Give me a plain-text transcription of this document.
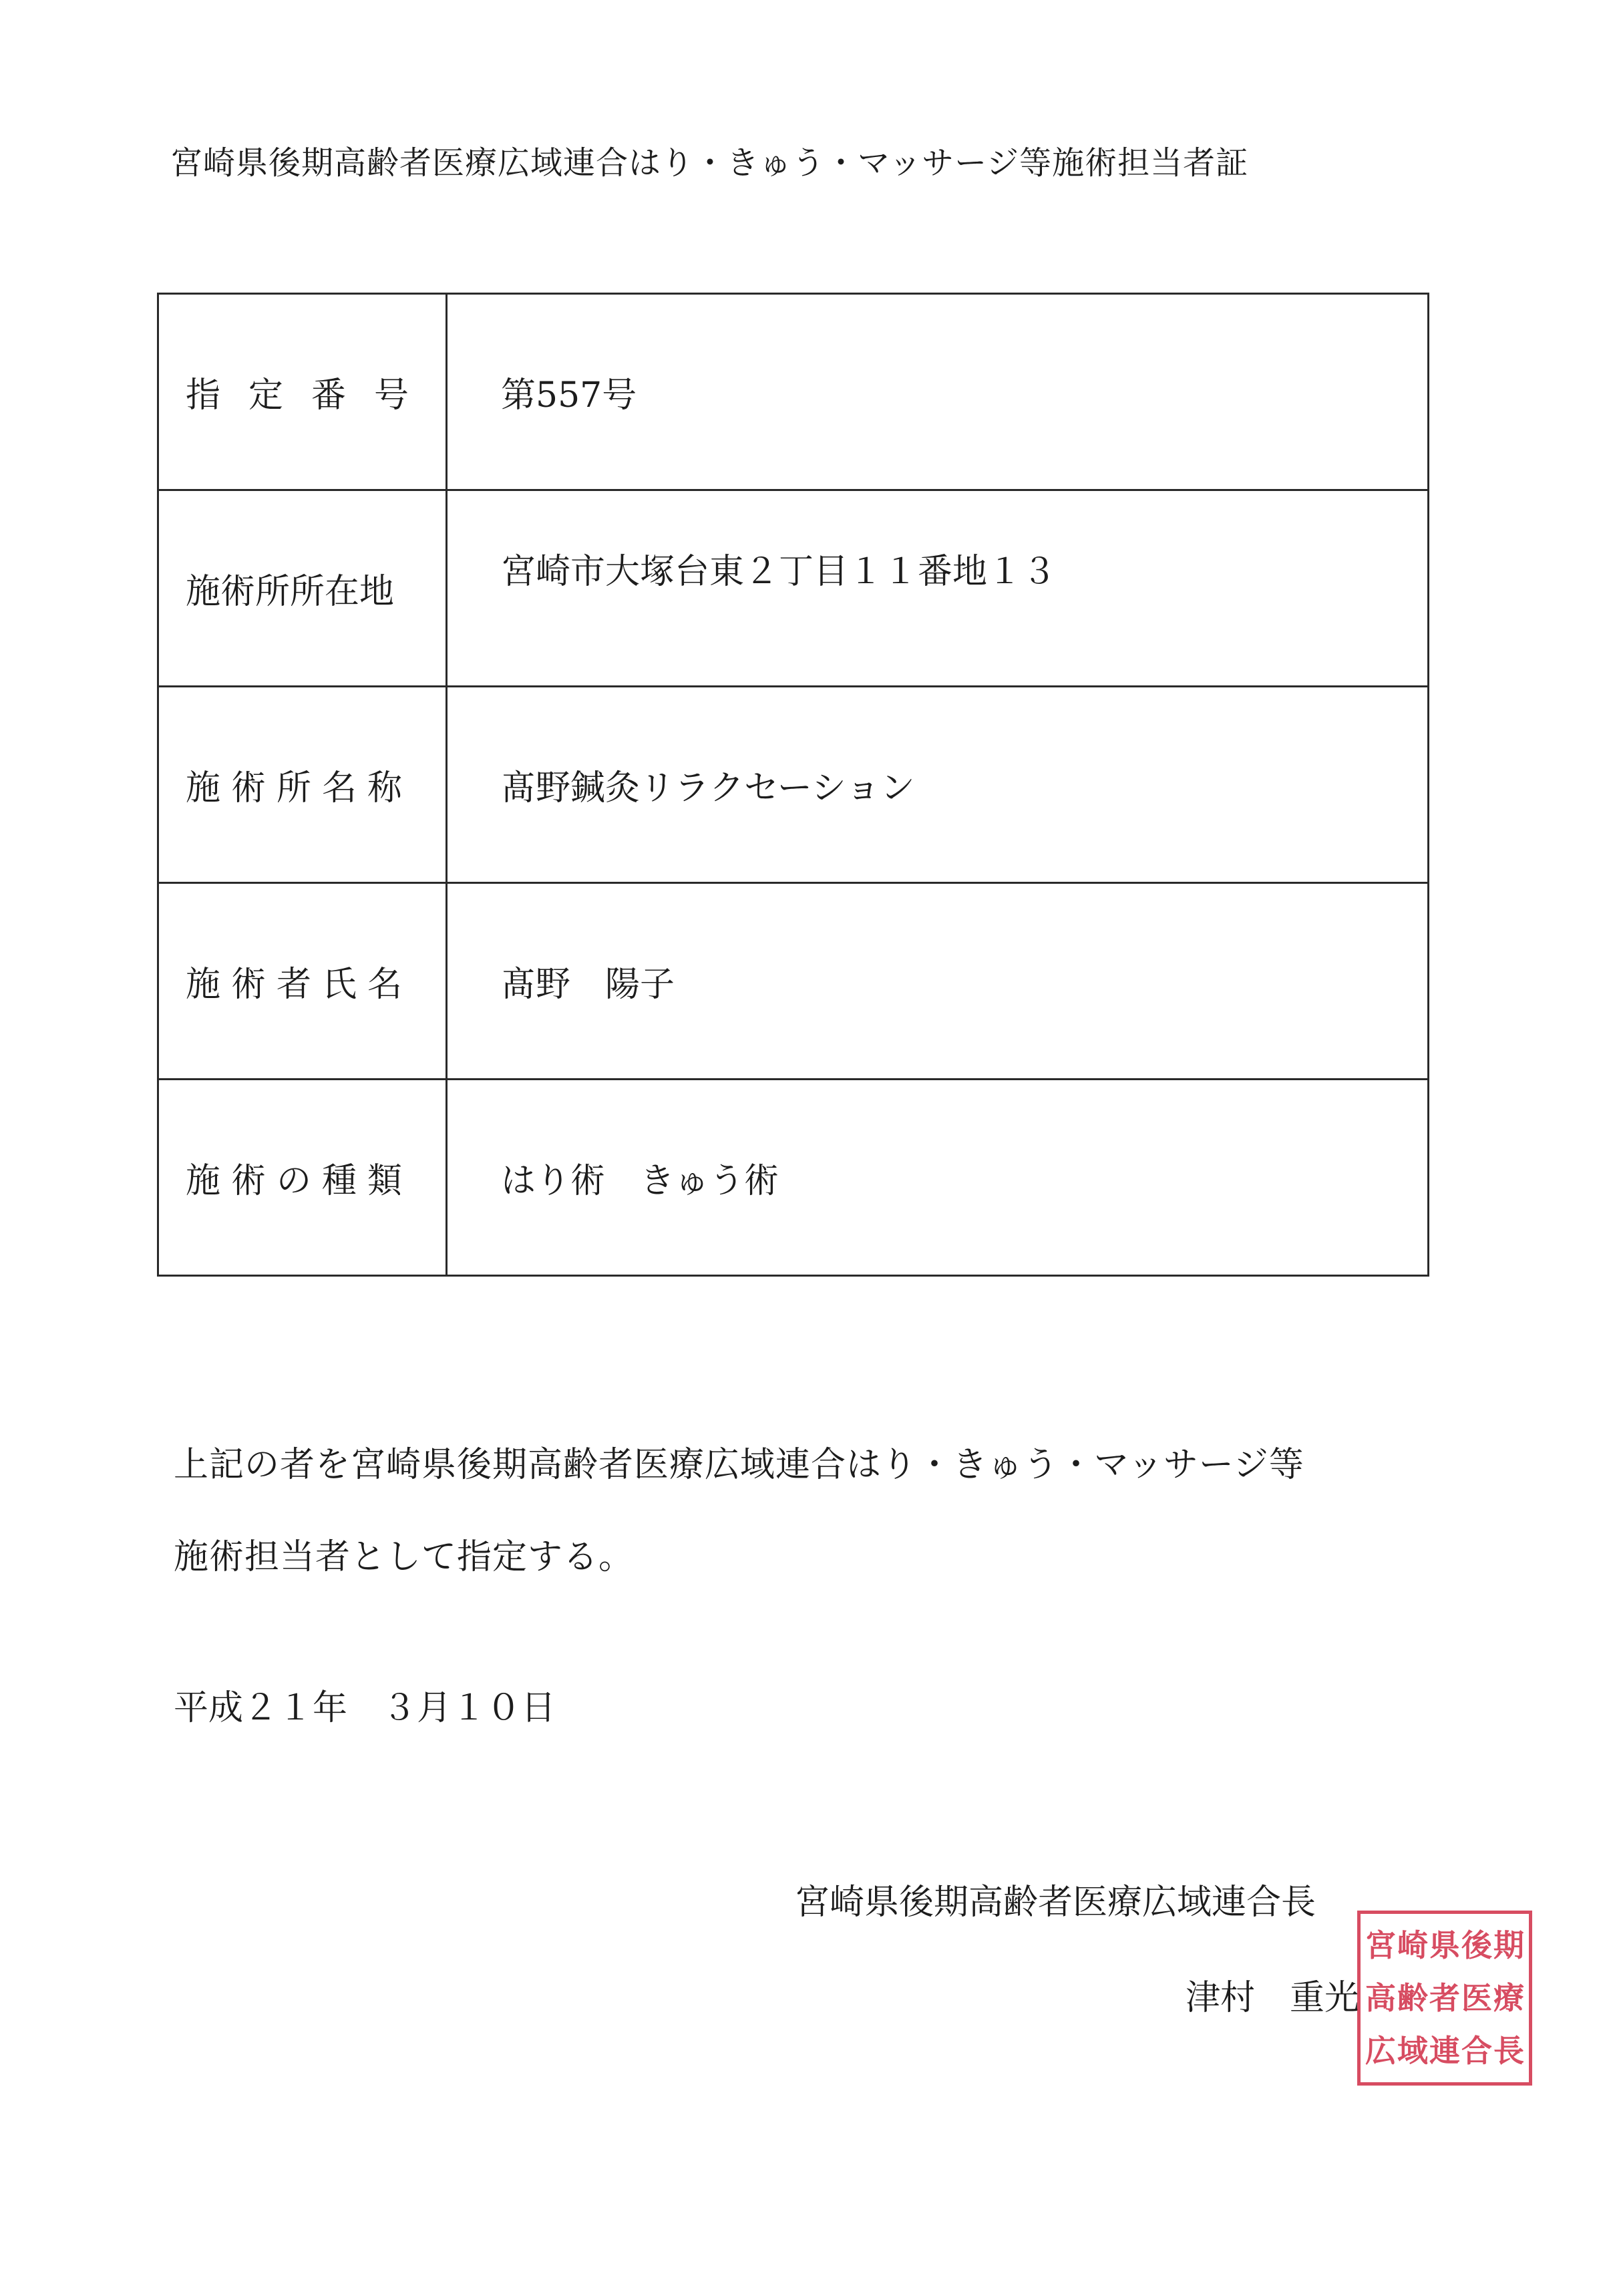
宮崎県後期高齢者医療広域連合はり・きゅう・マッサージ等施術担当者証
指定番号	第557号
施術所所在地	宮崎市大塚台東２丁目１１番地１３
施術所名称	髙野鍼灸リラクセーション
施術者氏名	髙野　陽子
施術の種類	はり術　きゅう術
上記の者を宮崎県後期高齢者医療広域連合はり・きゅう・マッサージ等
施術担当者として指定する。
平成２１年　３月１０日
宮崎県後期高齢者医療広域連合長
津村　重光
宮 崎 県 後 期
高 齢 者 医 療
広 域 連 合 長
